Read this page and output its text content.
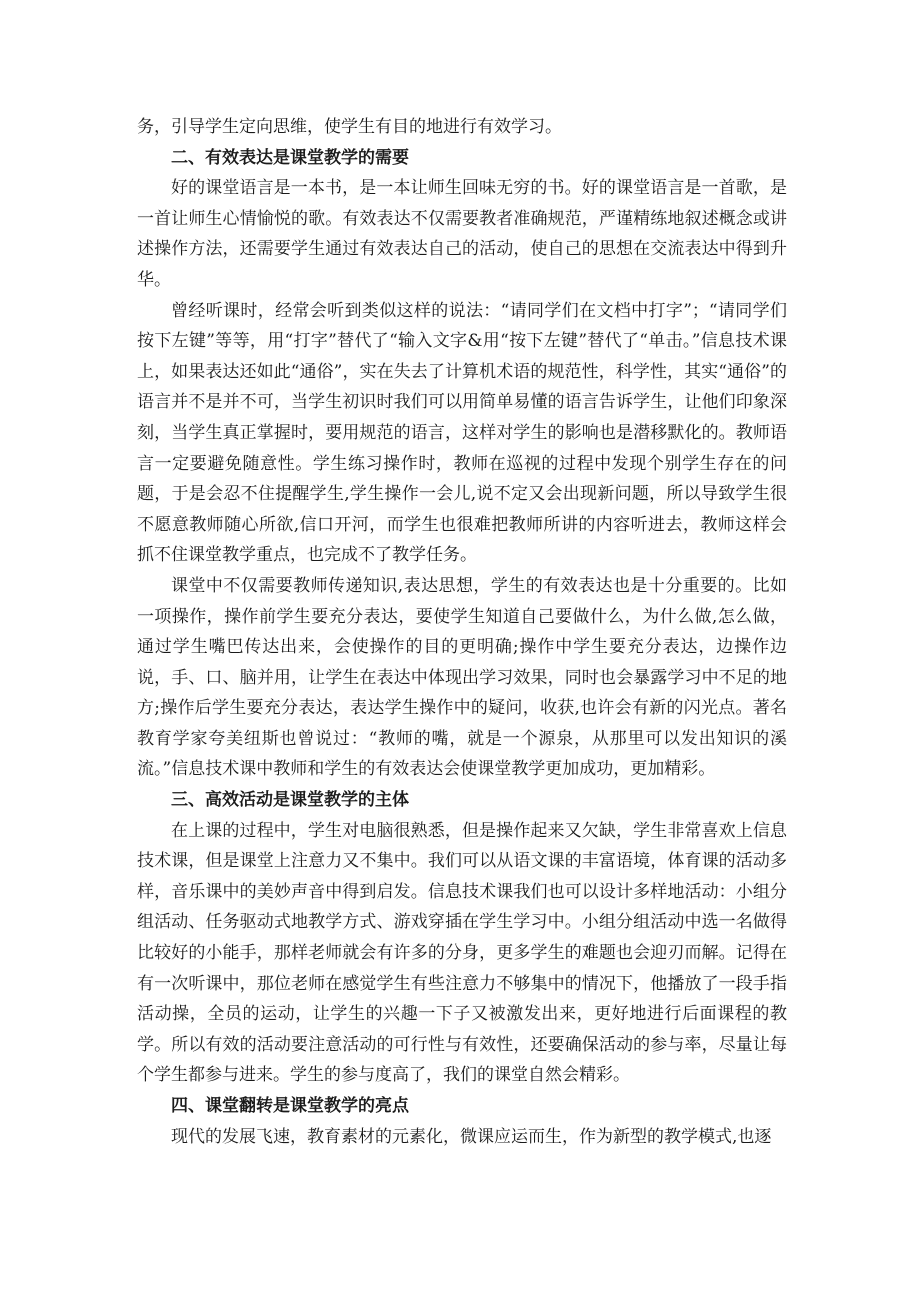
务，引导学生定向思维，使学生有目的地进行有效学习。

二、有效表达是课堂教学的需要

好的课堂语言是一本书，是一本让师生回味无穷的书。好的课堂语言是一首歌，是一首让师生心情愉悦的歌。有效表达不仅需要教者准确规范，严谨精练地叙述概念或讲述操作方法，还需要学生通过有效表达自己的活动，使自己的思想在交流表达中得到升华。

曾经听课时，经常会听到类似这样的说法：“请同学们在文档中打字”；“请同学们按下左键”等等，用“打字”替代了“输入文字&用“按下左键”替代了“单击。”信息技术课上，如果表达还如此“通俗”，实在失去了计算机术语的规范性，科学性，其实“通俗”的语言并不是并不可，当学生初识时我们可以用简单易懂的语言告诉学生，让他们印象深刻，当学生真正掌握时，要用规范的语言，这样对学生的影响也是潜移默化的。教师语言一定要避免随意性。学生练习操作时，教师在巡视的过程中发现个别学生存在的问题，于是会忍不住提醒学生,学生操作一会儿,说不定又会出现新问题，所以导致学生很不愿意教师随心所欲,信口开河，而学生也很难把教师所讲的内容听进去，教师这样会抓不住课堂教学重点，也完成不了教学任务。

课堂中不仅需要教师传递知识,表达思想，学生的有效表达也是十分重要的。比如一项操作，操作前学生要充分表达，要使学生知道自己要做什么，为什么做,怎么做，通过学生嘴巴传达出来，会使操作的目的更明确;操作中学生要充分表达，边操作边说，手、口、脑并用，让学生在表达中体现出学习效果，同时也会暴露学习中不足的地方;操作后学生要充分表达，表达学生操作中的疑问，收获,也许会有新的闪光点。著名教育学家夸美纽斯也曾说过：“教师的嘴，就是一个源泉，从那里可以发出知识的溪流。”信息技术课中教师和学生的有效表达会使课堂教学更加成功，更加精彩。

三、高效活动是课堂教学的主体

在上课的过程中，学生对电脑很熟悉，但是操作起来又欠缺，学生非常喜欢上信息技术课，但是课堂上注意力又不集中。我们可以从语文课的丰富语境，体育课的活动多样，音乐课中的美妙声音中得到启发。信息技术课我们也可以设计多样地活动：小组分组活动、任务驱动式地教学方式、游戏穿插在学生学习中。小组分组活动中选一名做得比较好的小能手，那样老师就会有许多的分身，更多学生的难题也会迎刃而解。记得在有一次听课中，那位老师在感觉学生有些注意力不够集中的情况下，他播放了一段手指活动操，全员的运动，让学生的兴趣一下子又被激发出来，更好地进行后面课程的教学。所以有效的活动要注意活动的可行性与有效性，还要确保活动的参与率，尽量让每个学生都参与进来。学生的参与度高了，我们的课堂自然会精彩。

四、课堂翻转是课堂教学的亮点

现代的发展飞速，教育素材的元素化，微课应运而生，作为新型的教学模式,也逐
